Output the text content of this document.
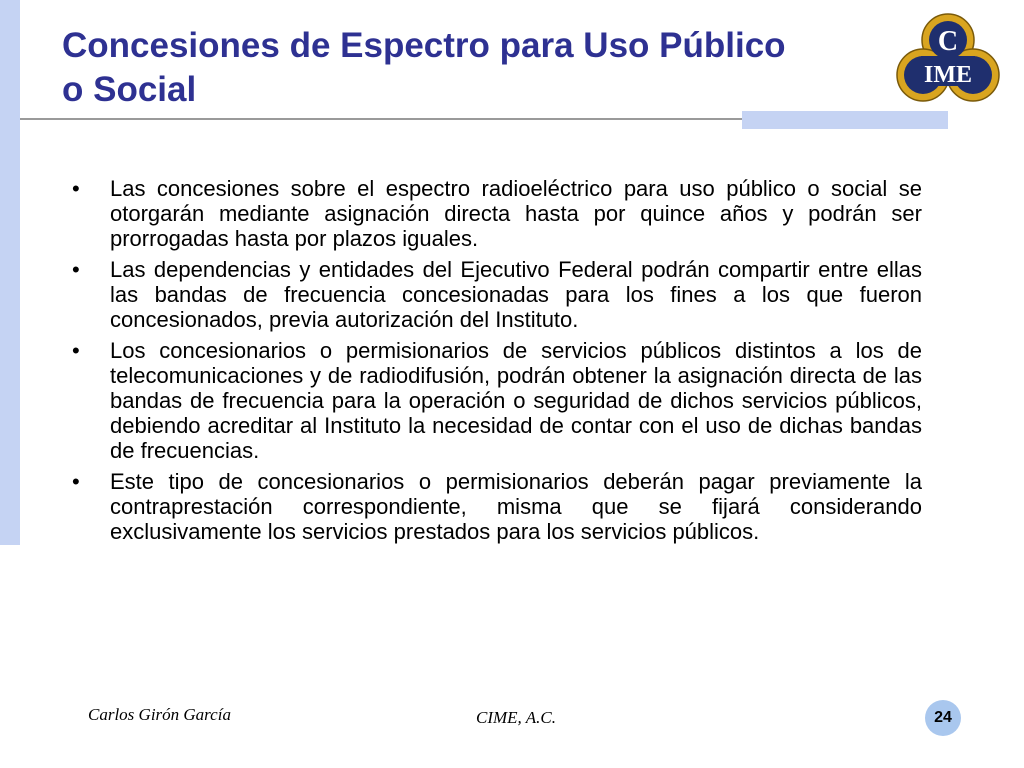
Concesiones de Espectro para Uso Público
o Social
C
IME
• Las concesiones sobre el espectro radioeléctrico para uso público o social se otorgarán mediante asignación directa hasta por quince años y podrán ser prorrogadas hasta por plazos iguales.
• Las dependencias y entidades del Ejecutivo Federal podrán compartir entre ellas las bandas de frecuencia concesionadas para los fines a los que fueron concesionados, previa autorización del Instituto.
• Los concesionarios o permisionarios de servicios públicos distintos a los de telecomunicaciones y de radiodifusión, podrán obtener la asignación directa de las bandas de frecuencia para la operación o seguridad de dichos servicios públicos, debiendo acreditar al Instituto la necesidad de contar con el uso de dichas bandas de frecuencias.
• Este tipo de concesionarios o permisionarios deberán pagar previamente la contraprestación correspondiente, misma que se fijará considerando exclusivamente los servicios prestados para los servicios públicos.
Carlos Girón García	CIME, A.C.	24
